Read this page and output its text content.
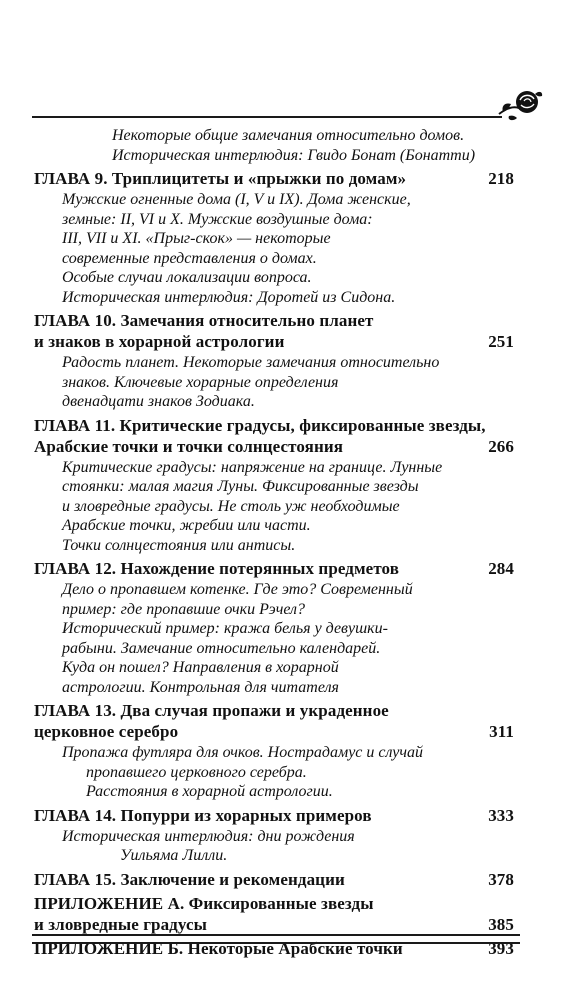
Некоторые общие замечания относительно домов.
Историческая интерлюдия: Гвидо Бонат (Бонатти)
ГЛАВА 9. Триплицитеты и «прыжки по домам»	218
Мужские огненные дома (I, V и IX). Дома женские,
земные: II, VI и X. Мужские воздушные дома:
III, VII и XI. «Прыг-скок» — некоторые
современные представления о домах.
Особые случаи локализации вопроса.
Историческая интерлюдия: Доротей из Сидона.
ГЛАВА 10. Замечания относительно планет
и знаков в хорарной астрологии	251
Радость планет. Некоторые замечания относительно
знаков. Ключевые хорарные определения
двенадцати знаков Зодиака.
ГЛАВА 11. Критические градусы, фиксированные звезды,
Арабские точки и точки солнцестояния	266
Критические градусы: напряжение на границе. Лунные
стоянки: малая магия Луны. Фиксированные звезды
и зловредные градусы. Не столь уж необходимые
Арабские точки, жребии или части.
Точки солнцестояния или антисы.
ГЛАВА 12. Нахождение потерянных предметов	284
Дело о пропавшем котенке. Где это? Современный
пример: где пропавшие очки Рэчел?
Исторический пример: кража белья у девушки-
рабыни. Замечание относительно календарей.
Куда он пошел? Направления в хорарной
астрологии. Контрольная для читателя
ГЛАВА 13. Два случая пропажи и украденное
церковное серебро	311
Пропажа футляра для очков. Нострадамус и случай
пропавшего церковного серебра.
Расстояния в хорарной астрологии.
ГЛАВА 14. Попурри из хорарных примеров	333
Историческая интерлюдия: дни рождения
Уильяма Лилли.
ГЛАВА 15. Заключение и рекомендации	378
ПРИЛОЖЕНИЕ А. Фиксированные звезды
и зловредные градусы	385
ПРИЛОЖЕНИЕ Б. Некоторые Арабские точки	393
